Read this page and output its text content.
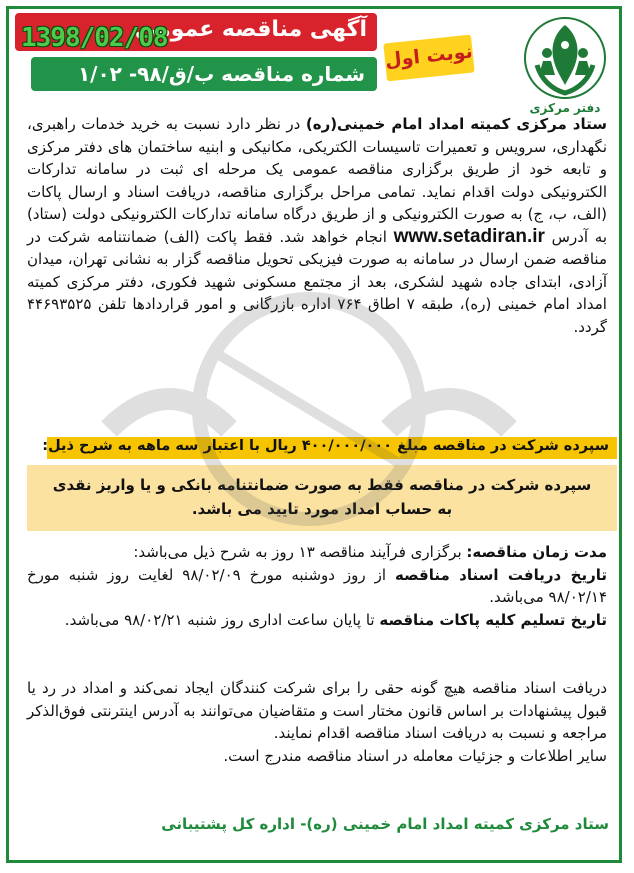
آگهی مناقصه عمومی
1398/02/08
شماره مناقصه ب/ق/۹۸- ۱/۰۲
نوبت اول
دفتر مرکزی
ستاد مرکزی کمیته امداد امام خمینی(ره) در نظر دارد نسبت به خرید خدمات راهبری، نگهداری، سرویس و تعمیرات تاسیسات الکتریکی، مکانیکی و ابنیه ساختمان های دفتر مرکزی و تابعه خود از طریق برگزاری مناقصه عمومی یک مرحله ای ثبت در سامانه تدارکات الکترونیکی دولت اقدام نماید. تمامی مراحل برگزاری مناقصه، دریافت اسناد و ارسال پاکات (الف، ب، ج) به صورت الکترونیکی و از طریق درگاه سامانه تدارکات الکترونیکی دولت (ستاد) به آدرس www.setadiran.ir انجام خواهد شد. فقط پاکت (الف) ضمانتنامه شرکت در مناقصه ضمن ارسال در سامانه به صورت فیزیکی تحویل مناقصه گزار به نشانی تهران، میدان آزادی، ابتدای جاده شهید لشکری، بعد از مجتمع مسکونی شهید فکوری، دفتر مرکزی کمیته امداد امام خمینی (ره)، طبقه ۷ اطاق ۷۶۴ اداره بازرگانی و امور قراردادها تلفن ۴۴۶۹۳۵۲۵ گردد.
سپرده شرکت در مناقصه مبلغ ۴۰۰/۰۰۰/۰۰۰ ریال با اعتبار سه ماهه به شرح ذیل:

سپرده شرکت در مناقصه فقط به صورت ضمانتنامه بانکی و یا واریز نقدی به حساب امداد مورد تایید می باشد.

مدت زمان مناقصه: برگزاری فرآیند مناقصه ۱۳ روز به شرح ذیل می‌باشد:
تاریخ دریافت اسناد مناقصه از روز دوشنبه مورخ ۹۸/۰۲/۰۹ لغایت روز شنبه مورخ ۹۸/۰۲/۱۴ می‌باشد.
تاریخ تسلیم کلیه پاکات مناقصه تا پایان ساعت اداری روز شنبه ۹۸/۰۲/۲۱ می‌باشد.
دریافت اسناد مناقصه هیچ گونه حقی را برای شرکت کنندگان ایجاد نمی‌کند و امداد در رد یا قبول پیشنهادات بر اساس قانون مختار است و متقاضیان می‌توانند به آدرس اینترنتی فوق‌الذکر مراجعه و نسبت به دریافت اسناد مناقصه اقدام نمایند.
سایر اطلاعات و جزئیات معامله در اسناد مناقصه مندرج است.
ستاد مرکزی کمیته امداد امام خمینی (ره)- اداره کل پشتیبانی
